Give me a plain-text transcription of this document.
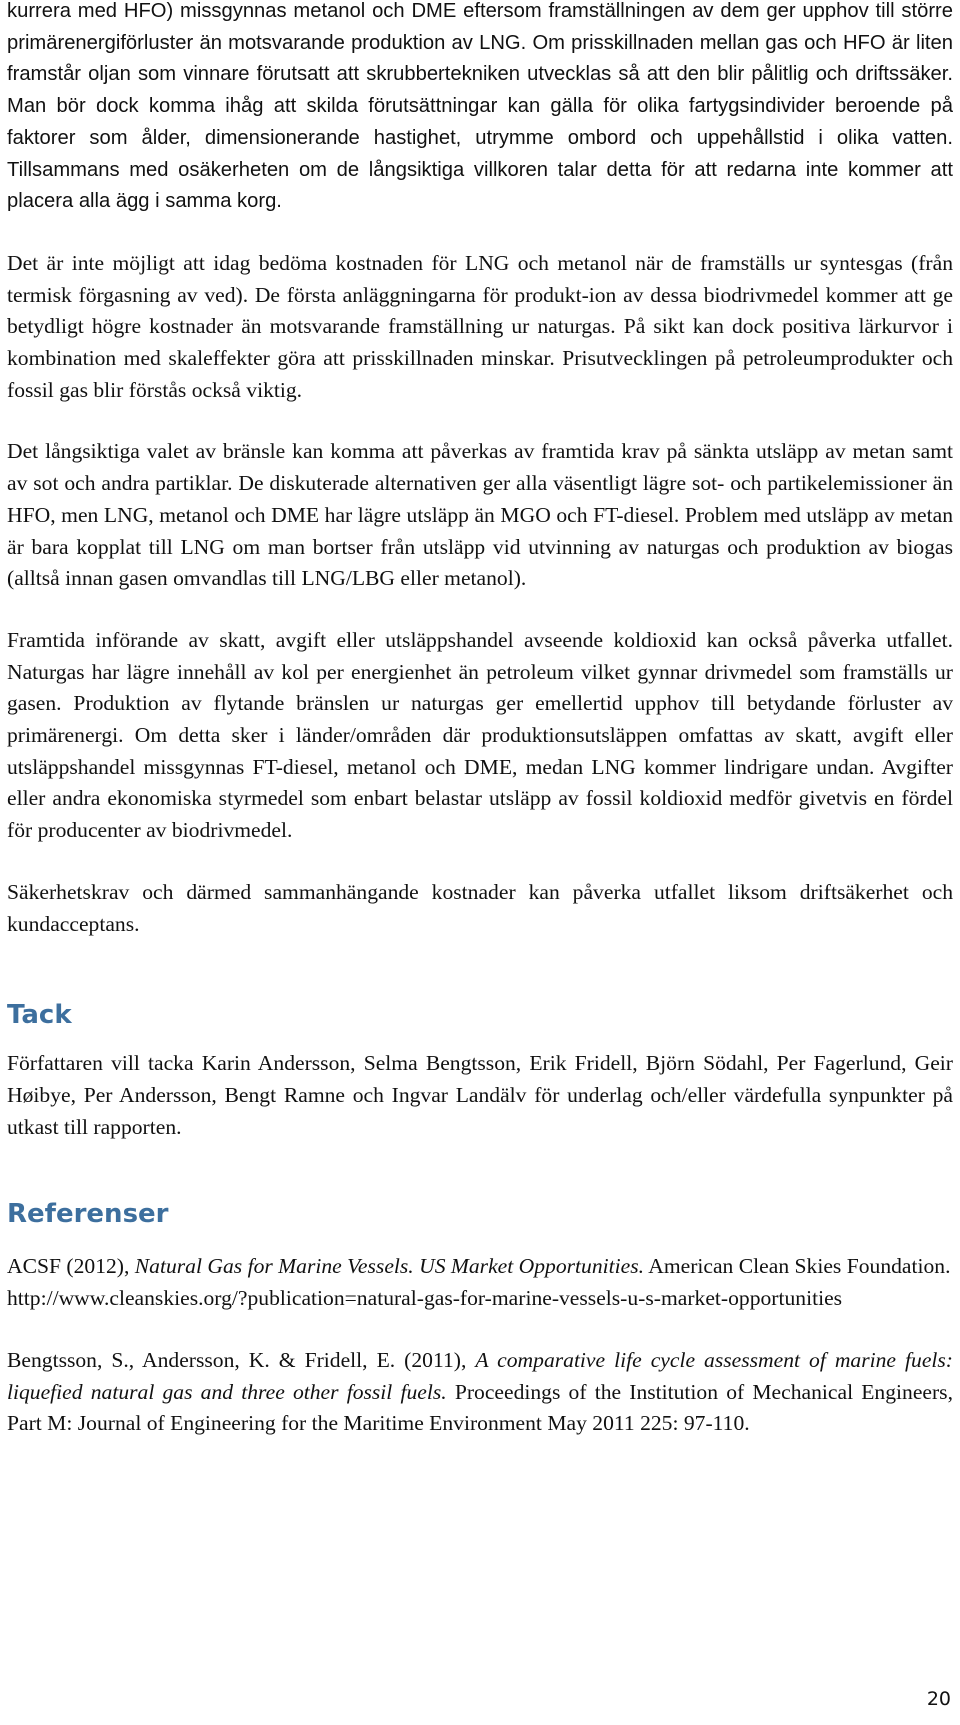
kurrera med HFO) missgynnas metanol och DME eftersom framställningen av dem ger upphov till större primärenergiförluster än motsvarande produktion av LNG. Om prisskillnaden mellan gas och HFO är liten framstår oljan som vinnare förutsatt att skrubbertekniken utvecklas så att den blir pålitlig och driftssäker. Man bör dock komma ihåg att skilda förutsättningar kan gälla för olika fartygsindivider beroende på faktorer som ålder, dimensionerande hastighet, utrymme ombord och uppehållstid i olika vatten. Tillsammans med osäkerheten om de långsiktiga villkoren talar detta för att redarna inte kommer att placera alla ägg i samma korg.

Det är inte möjligt att idag bedöma kostnaden för LNG och metanol när de framställs ur syntesgas (från termisk förgasning av ved). De första anläggningarna för produkt-ion av dessa biodrivmedel kommer att ge betydligt högre kostnader än motsvarande framställning ur naturgas. På sikt kan dock positiva lärkurvor i kombination med skaleffekter göra att prisskillnaden minskar. Prisutvecklingen på petroleumprodukter och fossil gas blir förstås också viktig.

Det långsiktiga valet av bränsle kan komma att påverkas av framtida krav på sänkta utsläpp av metan samt av sot och andra partiklar. De diskuterade alternativen ger alla väsentligt lägre sot- och partikelemissioner än HFO, men LNG, metanol och DME har lägre utsläpp än MGO och FT-diesel. Problem med utsläpp av metan är bara kopplat till LNG om man bortser från utsläpp vid utvinning av naturgas och produktion av biogas (alltså innan gasen omvandlas till LNG/LBG eller metanol).

Framtida införande av skatt, avgift eller utsläppshandel avseende koldioxid kan också påverka utfallet. Naturgas har lägre innehåll av kol per energienhet än petroleum vilket gynnar drivmedel som framställs ur gasen. Produktion av flytande bränslen ur naturgas ger emellertid upphov till betydande förluster av primärenergi. Om detta sker i länder/områden där produktionsutsläppen omfattas av skatt, avgift eller utsläppshandel missgynnas FT-diesel, metanol och DME, medan LNG kommer lindrigare undan. Avgifter eller andra ekonomiska styrmedel som enbart belastar utsläpp av fossil koldioxid medför givetvis en fördel för producenter av biodrivmedel.

Säkerhetskrav och därmed sammanhängande kostnader kan påverka utfallet liksom driftsäkerhet och kundacceptans.

Tack

Författaren vill tacka Karin Andersson, Selma Bengtsson, Erik Fridell, Björn Södahl, Per Fagerlund, Geir Høibye, Per Andersson, Bengt Ramne och Ingvar Landälv för underlag och/eller värdefulla synpunkter på utkast till rapporten.

Referenser
ACSF (2012), Natural Gas for Marine Vessels. US Market Opportunities. American Clean Skies Foundation.
http://www.cleanskies.org/?publication=natural-gas-for-marine-vessels-u-s-market-opportunities
Bengtsson, S., Andersson, K. & Fridell, E. (2011), A comparative life cycle assessment of marine fuels: liquefied natural gas and three other fossil fuels. Proceedings of the Institution of Mechanical Engineers, Part M: Journal of Engineering for the Maritime Environment May 2011 225: 97-110.
20
